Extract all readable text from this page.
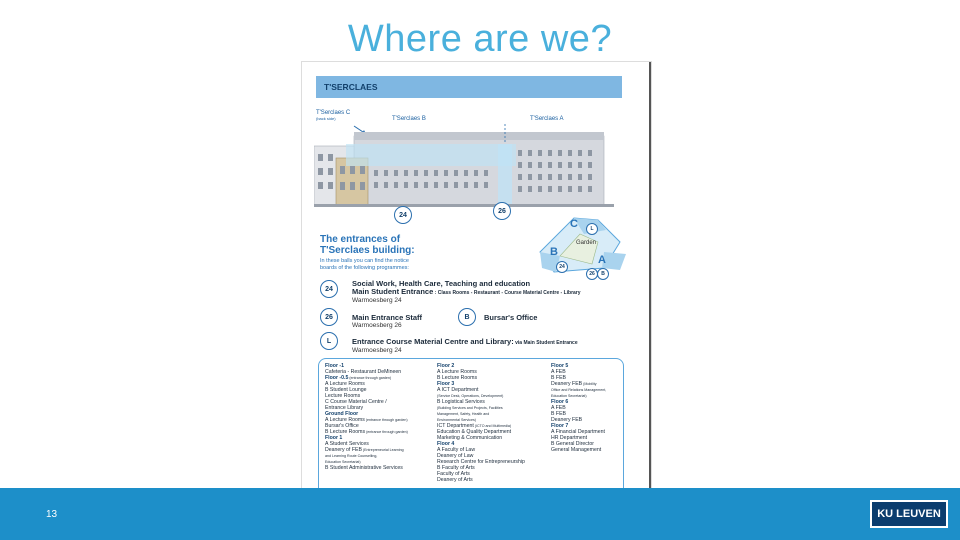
Where are we?
T'SERCLAES
T'Serclaes C
(back side)	T'Serclaes B	T'Serclaes A
24
26
C	L
Garden
B
A
24
26	B
The entrances of
T'Serclaes building:
In these balls you can find the notice
boards of the following programmes:
24
Social Work, Health Care, Teaching and education
Main Student Entrance : Class Rooms - Restaurant - Course Material Centre - Library
Warmoesberg 24
26	Main Entrance Staff
Warmoesberg 26
B	Bursar's Office
L	Entrance Course Material Centre and Library: via Main Student Entrance
Warmoesberg 24
Floor -1
Cafeteria - Restaurant DeMineen
Floor -0.5 (entrance through garden)
A Lecture Rooms
B Student Lounge
Lecture Rooms
C Course Material Centre /
Entrance Library
Ground Floor
A Lecture Rooms (entrance through garden)
Bursar's Office
B Lecture Rooms (entrance through garden)
Floor 1
A Student Services
Deanery of FEB (Entrepreneurial Learning
and Learning Route Counselling,
Education Secretariat)
B Student Administrative Services
Floor 2
A Lecture Rooms
B Lecture Rooms
Floor 3
A ICT Department
(Service Desk, Operations, Development)
B Logistical Services
(Building Services and Projects, Facilities
Management, Safety, Health and
Environmental Services)
ICT Department (ICTO and Multimedia)
Education & Quality Department
Marketing & Communication
Floor 4
A Faculty of Law
Deanery of Law
Research Centre for Entrepreneurship
B Faculty of Arts
Faculty of Arts
Deanery of Arts
Floor 5
A FEB
B FEB
Deanery FEB (Mobility
Office and Relations Management,
Education Secretariat)
Floor 6
A FEB
B FEB
Deanery FEB
Floor 7
A Financial Department
HR Department
B General Director
General Management
13	KU LEUVEN
